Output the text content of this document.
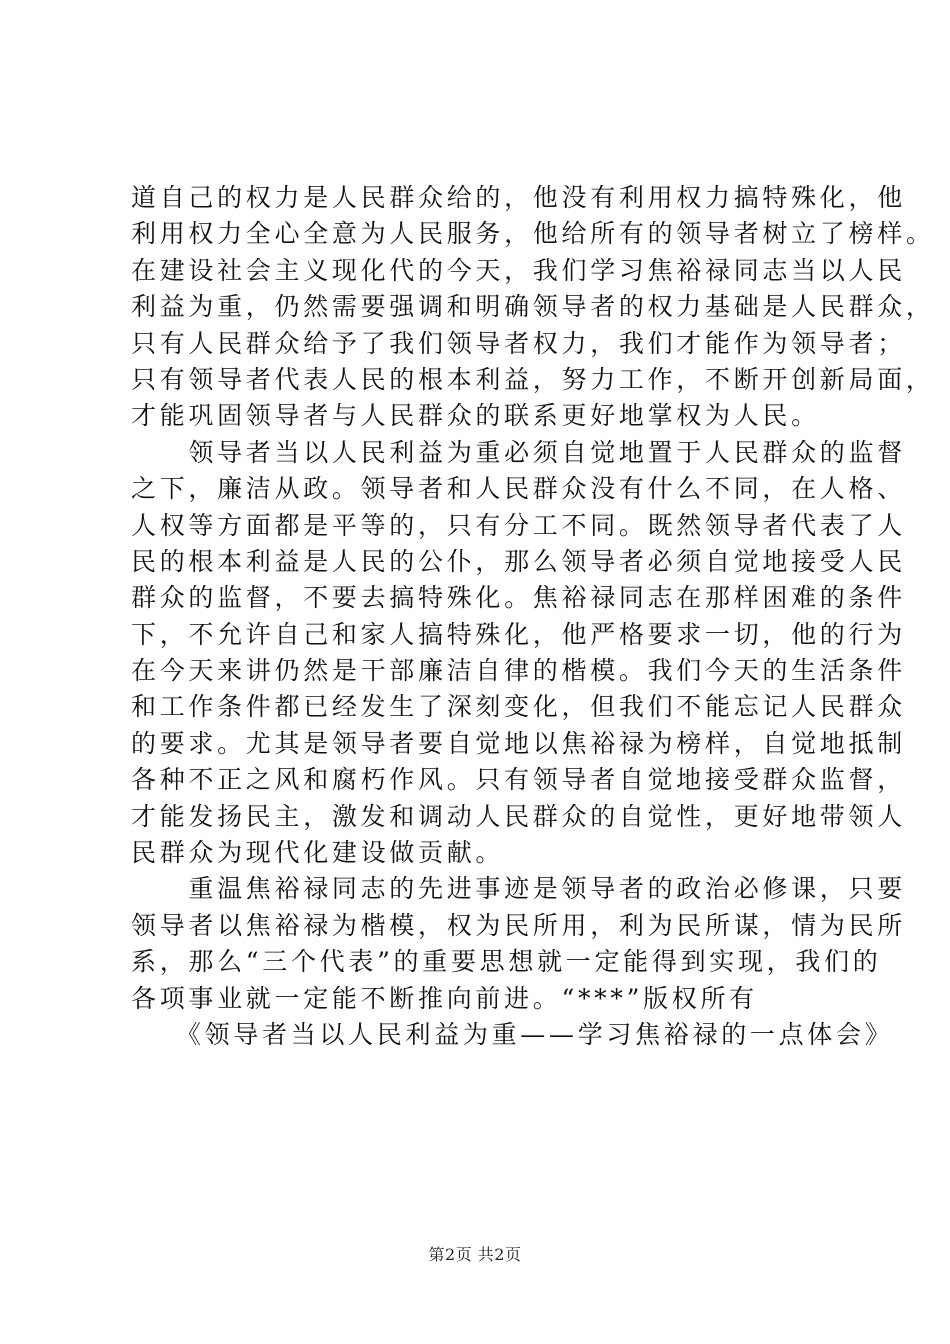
道自己的权力是人民群众给的，他没有利用权力搞特殊化，他
利用权力全心全意为人民服务，他给所有的领导者树立了榜样。
在建设社会主义现化代的今天，我们学习焦裕禄同志当以人民
利益为重，仍然需要强调和明确领导者的权力基础是人民群众，
只有人民群众给予了我们领导者权力，我们才能作为领导者；
只有领导者代表人民的根本利益，努力工作，不断开创新局面，
才能巩固领导者与人民群众的联系更好地掌权为人民。
　　领导者当以人民利益为重必须自觉地置于人民群众的监督
之下，廉洁从政。领导者和人民群众没有什么不同，在人格、
人权等方面都是平等的，只有分工不同。既然领导者代表了人
民的根本利益是人民的公仆，那么领导者必须自觉地接受人民
群众的监督，不要去搞特殊化。焦裕禄同志在那样困难的条件
下，不允许自己和家人搞特殊化，他严格要求一切，他的行为
在今天来讲仍然是干部廉洁自律的楷模。我们今天的生活条件
和工作条件都已经发生了深刻变化，但我们不能忘记人民群众
的要求。尤其是领导者要自觉地以焦裕禄为榜样，自觉地抵制
各种不正之风和腐朽作风。只有领导者自觉地接受群众监督，
才能发扬民主，激发和调动人民群众的自觉性，更好地带领人
民群众为现代化建设做贡献。
　　重温焦裕禄同志的先进事迹是领导者的政治必修课，只要
领导者以焦裕禄为楷模，权为民所用，利为民所谋，情为民所
系，那么“三个代表”的重要思想就一定能得到实现，我们的
各项事业就一定能不断推向前进。“***”版权所有
　　《领导者当以人民利益为重——学习焦裕禄的一点体会》
第2页 共2页
